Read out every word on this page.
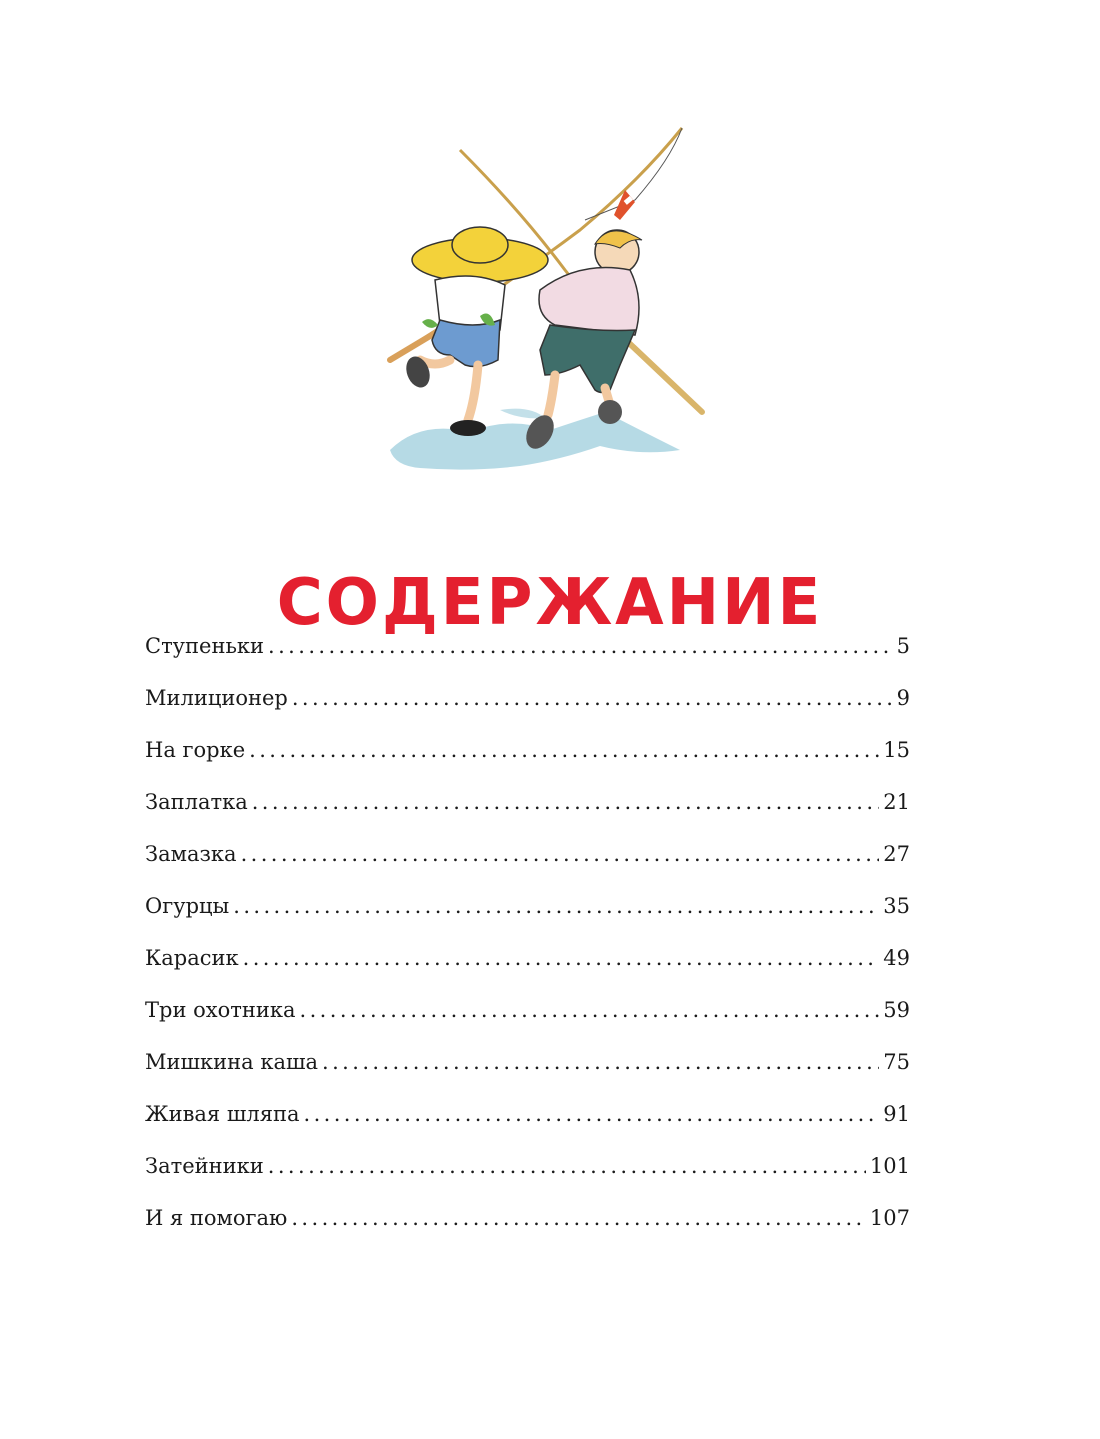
СОДЕРЖАНИЕ
Ступеньки .....	5
Милиционер .....	9
На горке .....	15
Заплатка .....	21
Замазка .....	27
Огурцы .....	35
Карасик .....	49
Три охотника .....	59
Мишкина каша .....	75
Живая шляпа .....	91
Затейники .....	101
И я помогаю .....	107
